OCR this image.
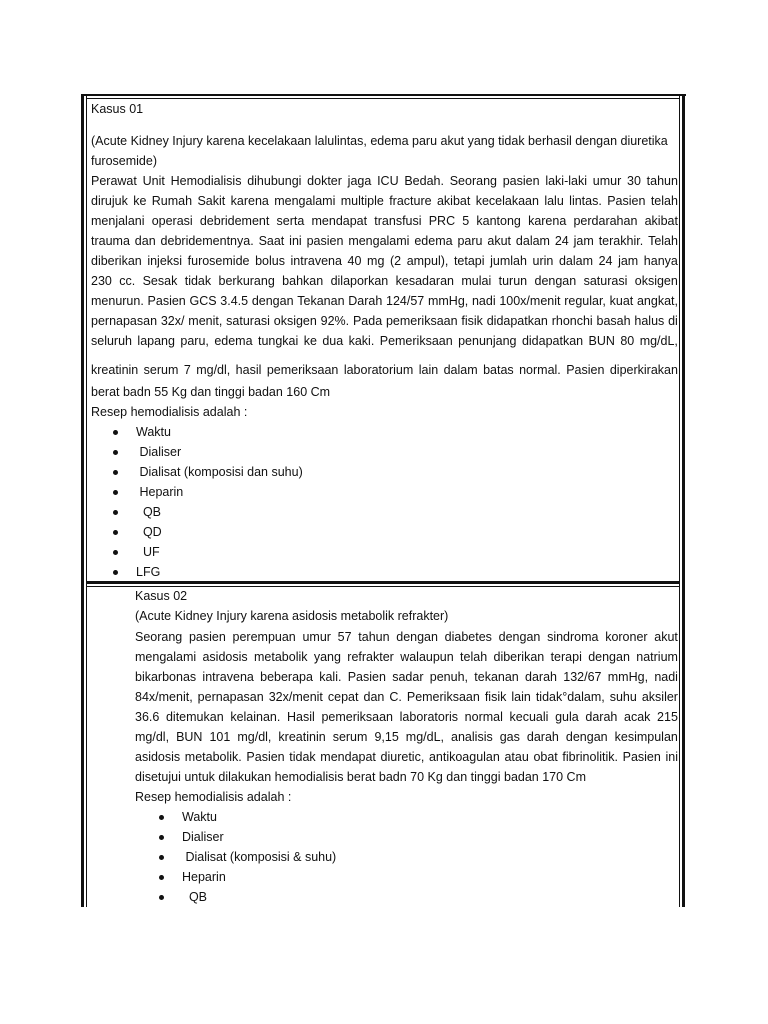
Kasus 01
(Acute Kidney Injury karena kecelakaan lalulintas, edema paru akut yang tidak berhasil dengan diuretika
furosemide)
Perawat Unit Hemodialisis dihubungi dokter jaga ICU Bedah. Seorang pasien laki-laki umur 30 tahun
dirujuk ke Rumah Sakit karena mengalami multiple fracture akibat kecelakaan lalu lintas. Pasien telah
menjalani operasi debridement serta mendapat transfusi PRC 5 kantong karena perdarahan akibat
trauma dan debridementnya. Saat ini pasien mengalami edema paru akut dalam 24 jam terakhir. Telah
diberikan injeksi furosemide bolus intravena 40 mg (2 ampul), tetapi jumlah urin dalam 24 jam hanya
230 cc. Sesak tidak berkurang bahkan dilaporkan kesadaran mulai turun dengan saturasi oksigen
menurun. Pasien GCS 3.4.5 dengan Tekanan Darah 124/57 mmHg, nadi 100x/menit regular, kuat angkat,
pernapasan 32x/ menit, saturasi oksigen 92%. Pada pemeriksaan fisik didapatkan rhonchi basah halus di
seluruh lapang paru, edema tungkai ke dua kaki. Pemeriksaan penunjang didapatkan BUN 80 mg/dL,
kreatinin serum 7 mg/dl, hasil pemeriksaan laboratorium lain dalam batas normal. Pasien diperkirakan
berat badn 55 Kg dan tinggi badan 160 Cm
Resep hemodialisis adalah :
Waktu
Dialiser
Dialisat (komposisi dan suhu)
Heparin
QB
QD
UF
LFG
Kasus 02
(Acute Kidney Injury karena asidosis metabolik refrakter)
Seorang pasien perempuan umur 57 tahun dengan diabetes dengan sindroma koroner akut
mengalami asidosis metabolik yang refrakter walaupun telah diberikan terapi dengan natrium
bikarbonas intravena beberapa kali. Pasien sadar penuh, tekanan darah 132/67 mmHg, nadi
84x/menit, pernapasan 32x/menit cepat dan C. Pemeriksaan fisik lain tidak°dalam, suhu aksiler
36.6 ditemukan kelainan. Hasil pemeriksaan laboratoris normal kecuali gula darah acak 215
mg/dl, BUN 101 mg/dl, kreatinin serum 9,15 mg/dL, analisis gas darah dengan kesimpulan
asidosis metabolik. Pasien tidak mendapat diuretic, antikoagulan atau obat fibrinolitik. Pasien ini
disetujui untuk dilakukan hemodialisis berat badn 70 Kg dan tinggi badan 170 Cm
Resep hemodialisis adalah :
Waktu
Dialiser
Dialisat (komposisi & suhu)
Heparin
QB
